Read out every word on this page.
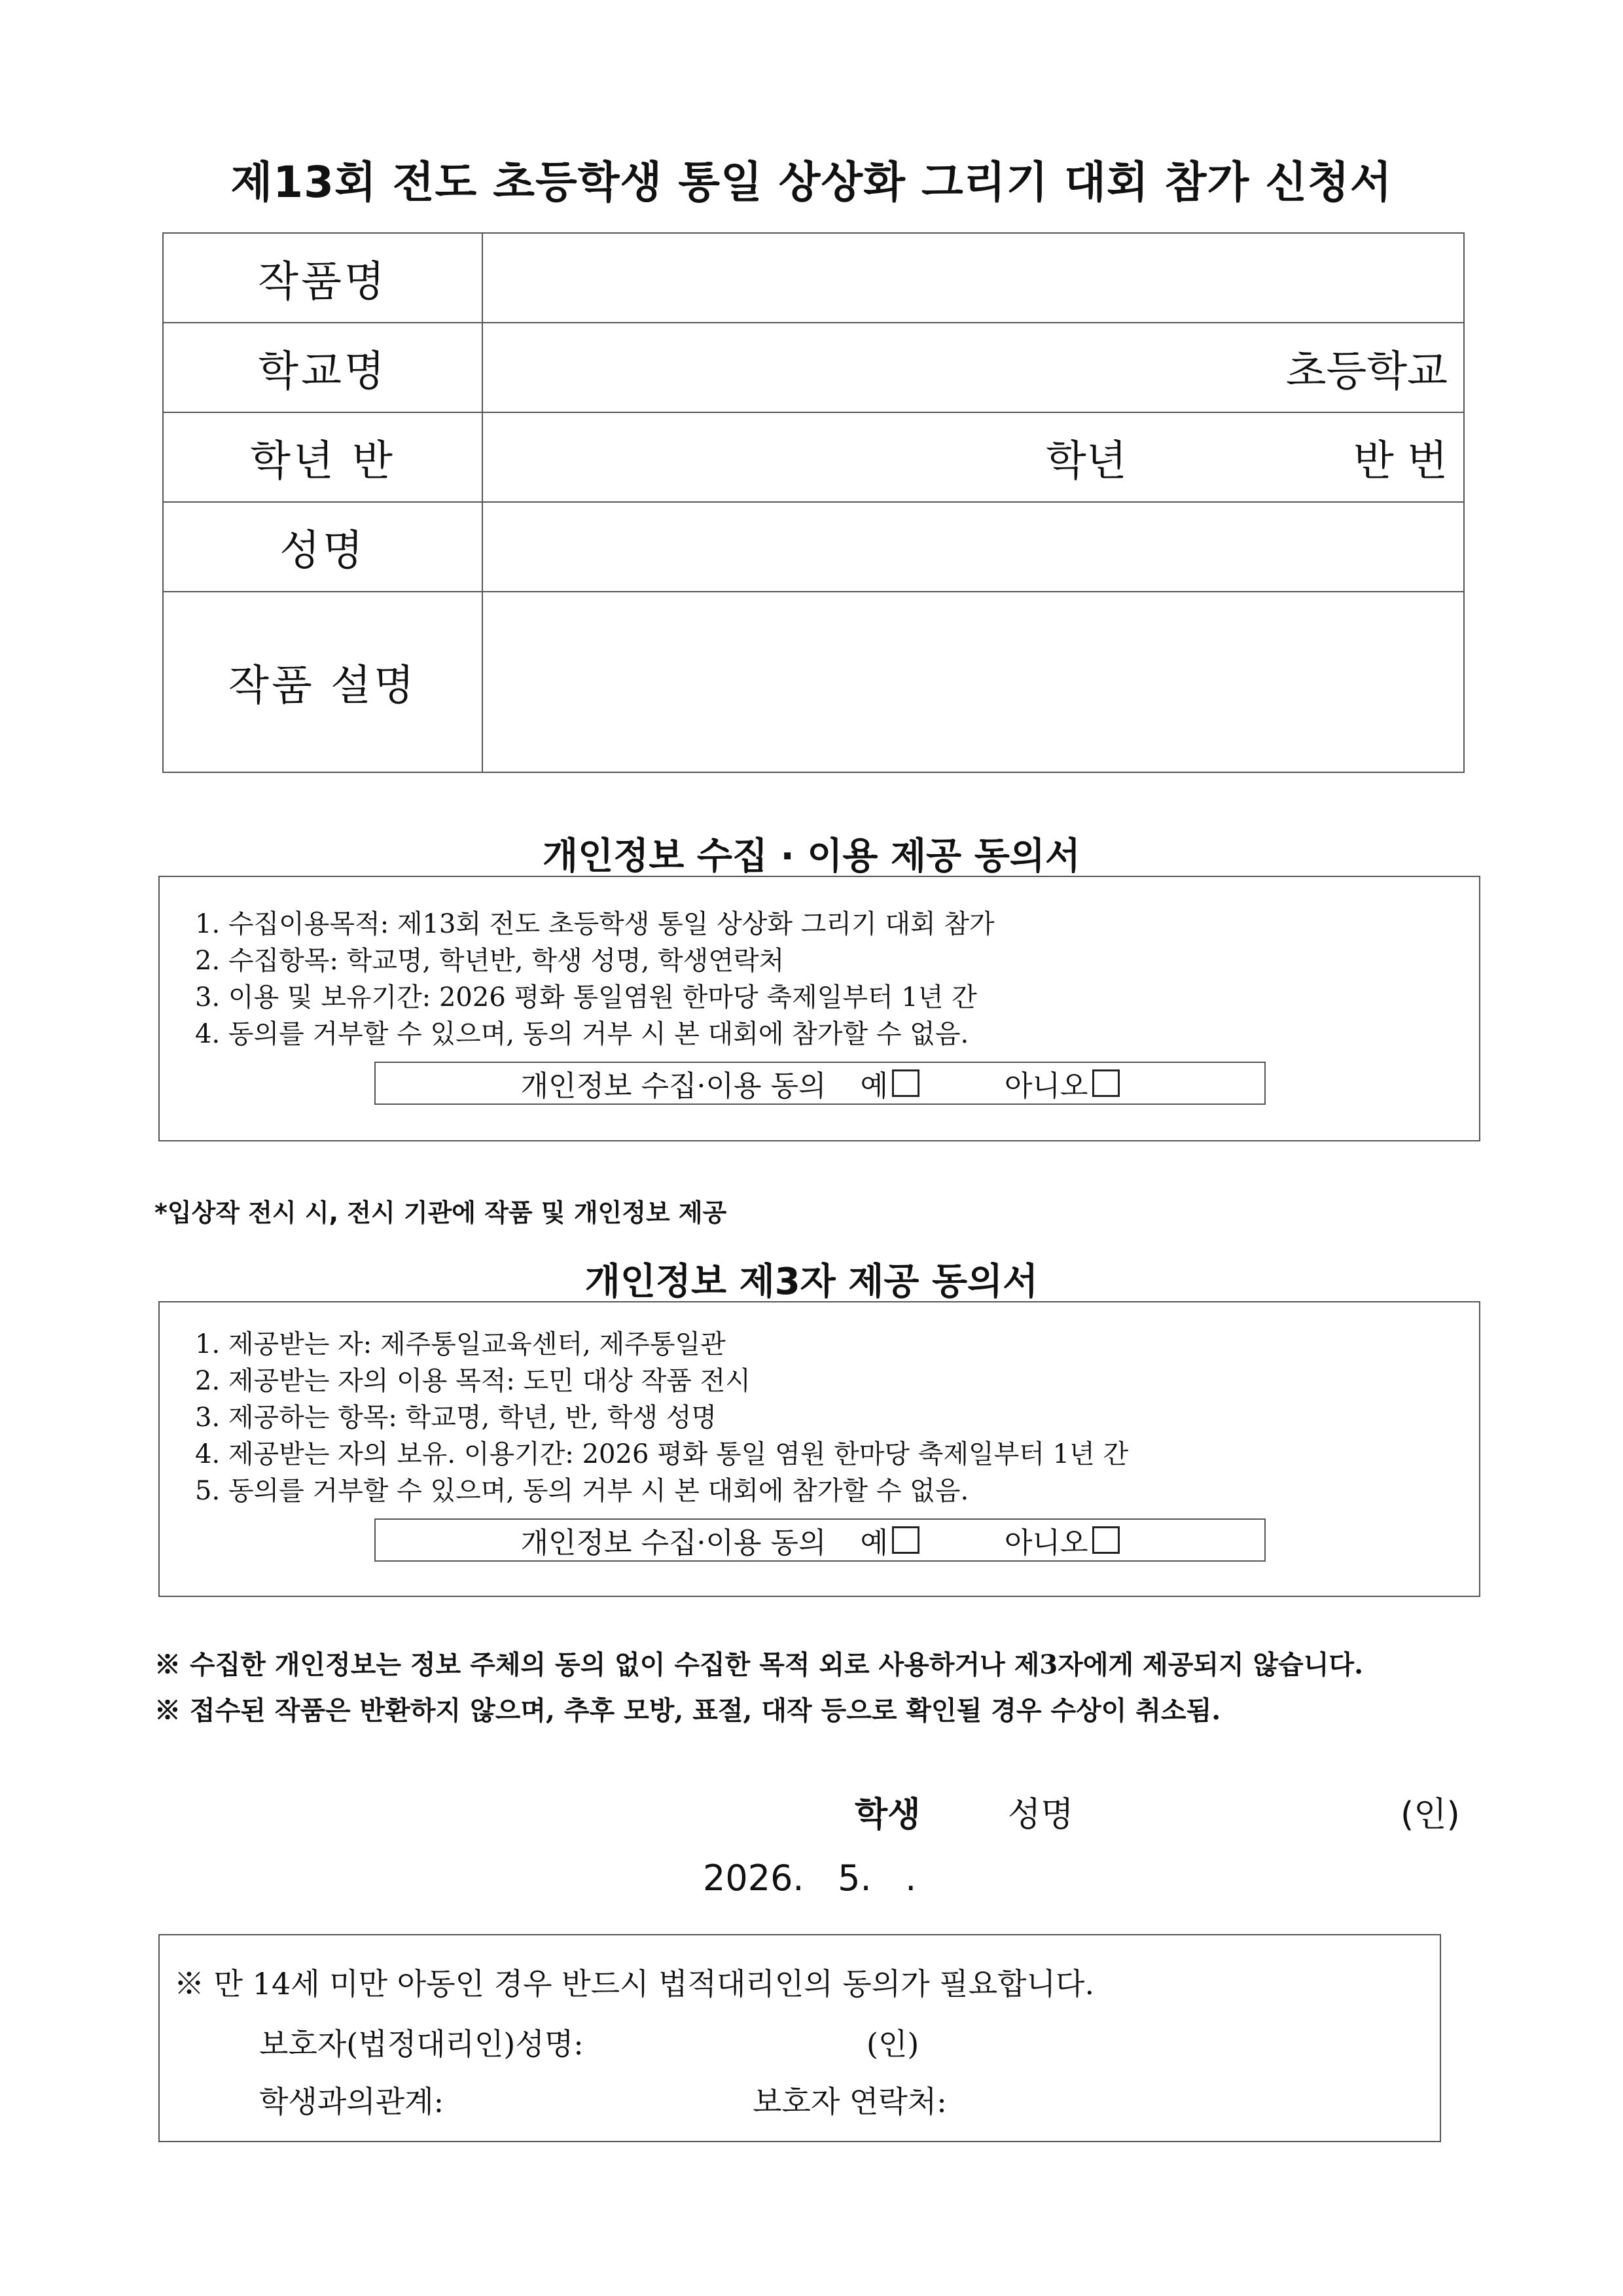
제13회 전도 초등학생 통일 상상화 그리기 대회 참가 신청서
작품명
학교명	초등학교
학년 반	학년	반 번
성명
작품 설명
개인정보 수집 · 이용 제공 동의서
1. 수집이용목적: 제13회 전도 초등학생 통일 상상화 그리기 대회 참가
2. 수집항목: 학교명, 학년반, 학생 성명, 학생연락처
3. 이용 및 보유기간: 2026 평화 통일염원 한마당 축제일부터 1년 간
4. 동의를 거부할 수 있으며, 동의 거부 시 본 대회에 참가할 수 없음.
개인정보 수집·이용 동의 예	아니오
*입상작 전시 시, 전시 기관에 작품 및 개인정보 제공
개인정보 제3자 제공 동의서
1. 제공받는 자: 제주통일교육센터, 제주통일관
2. 제공받는 자의 이용 목적: 도민 대상 작품 전시
3. 제공하는 항목: 학교명, 학년, 반, 학생 성명
4. 제공받는 자의 보유. 이용기간: 2026 평화 통일 염원 한마당 축제일부터 1년 간
5. 동의를 거부할 수 있으며, 동의 거부 시 본 대회에 참가할 수 없음.
개인정보 수집·이용 동의 예	아니오
※ 수집한 개인정보는 정보 주체의 동의 없이 수집한 목적 외로 사용하거나 제3자에게 제공되지 않습니다.
※ 접수된 작품은 반환하지 않으며, 추후 모방, 표절, 대작 등으로 확인될 경우 수상이 취소됨.
학생	성명	(인)
2026.   5.   .
※ 만 14세 미만 아동인 경우 반드시 법적대리인의 동의가 필요합니다.
보호자(법정대리인)성명:	(인)
학생과의관계:	보호자 연락처:
